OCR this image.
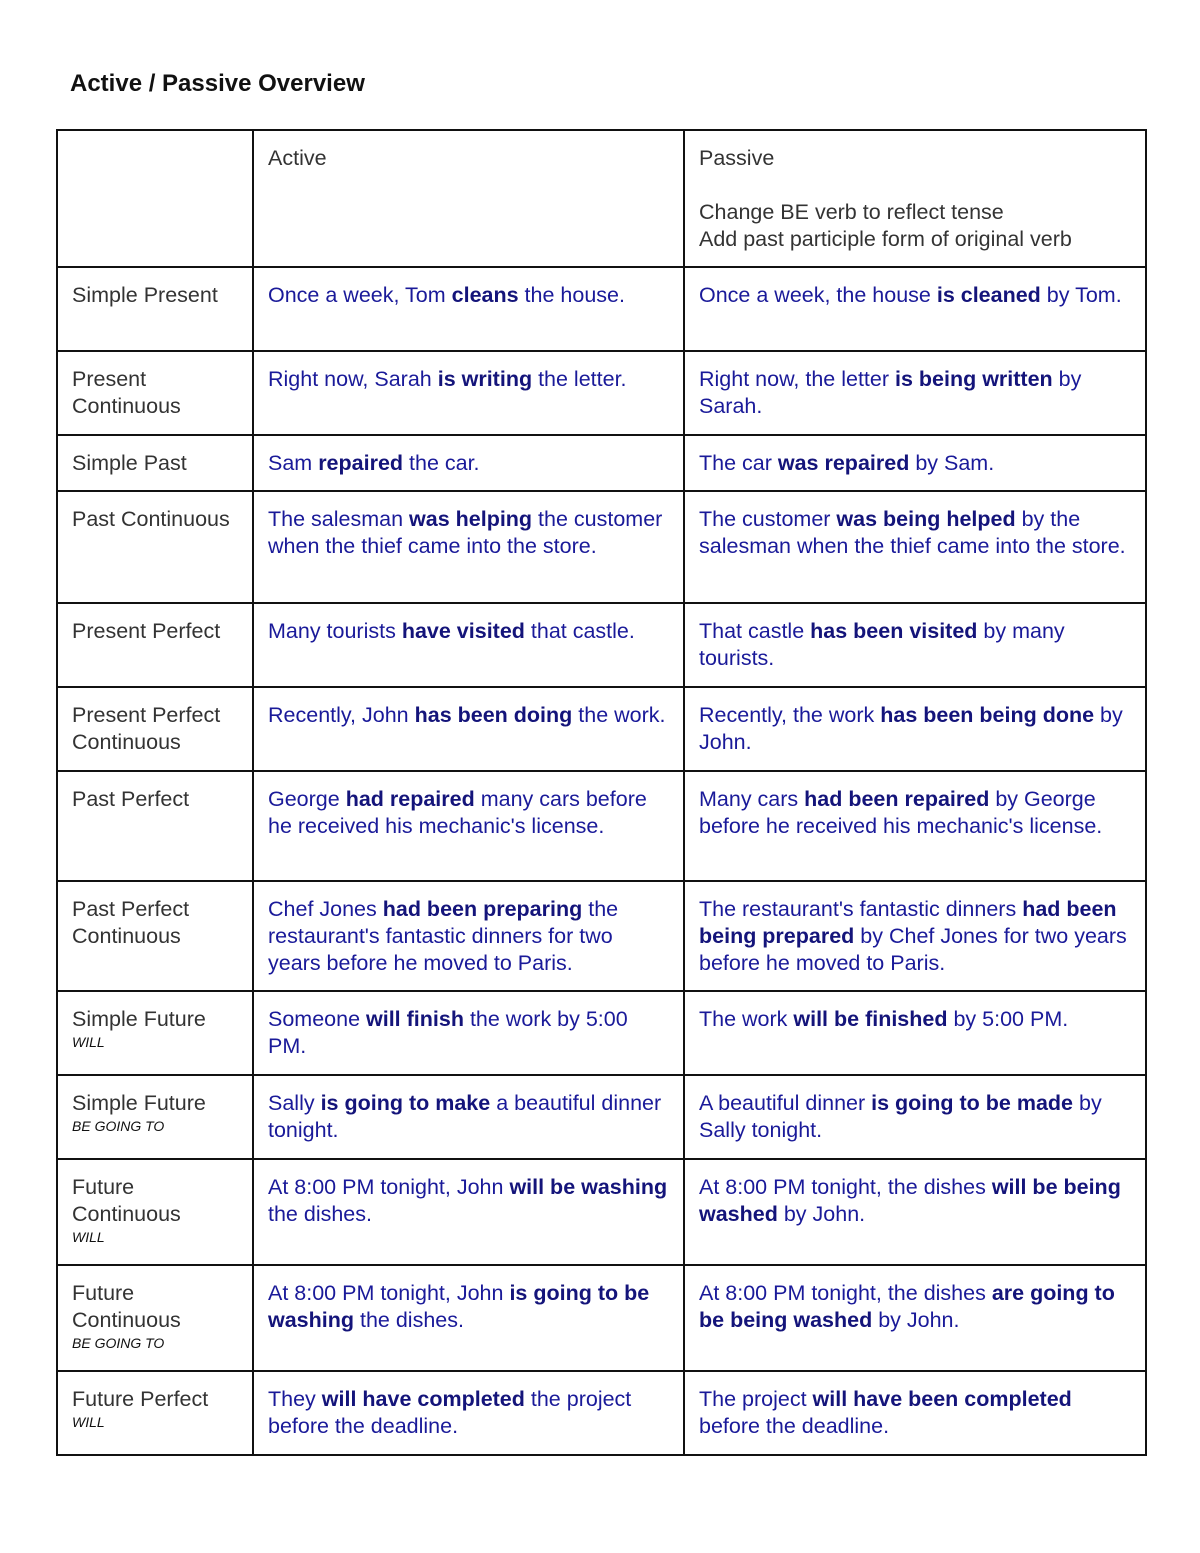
Active / Passive Overview

	Active	Passive
Change BE verb to reflect tense
Add past participle form of original verb

Simple Present	Once a week, Tom cleans the house.	Once a week, the house is cleaned by Tom.

Present Continuous	Right now, Sarah is writing the letter.	Right now, the letter is being written by Sarah.

Simple Past	Sam repaired the car.	The car was repaired by Sam.

Past Continuous	The salesman was helping the customer when the thief came into the store.	The customer was being helped by the salesman when the thief came into the store.

Present Perfect	Many tourists have visited that castle.	That castle has been visited by many tourists.

Present Perfect Continuous	Recently, John has been doing the work.	Recently, the work has been being done by John.

Past Perfect	George had repaired many cars before he received his mechanic's license.	Many cars had been repaired by George before he received his mechanic's license.

Past Perfect Continuous	Chef Jones had been preparing the restaurant's fantastic dinners for two years before he moved to Paris.	The restaurant's fantastic dinners had been being prepared by Chef Jones for two years before he moved to Paris.

Simple Future
WILL	Someone will finish the work by 5:00 PM.	The work will be finished by 5:00 PM.

Simple Future
BE GOING TO	Sally is going to make a beautiful dinner tonight.	A beautiful dinner is going to be made by Sally tonight.

Future Continuous
WILL	At 8:00 PM tonight, John will be washing the dishes.	At 8:00 PM tonight, the dishes will be being washed by John.

Future Continuous
BE GOING TO	At 8:00 PM tonight, John is going to be washing the dishes.	At 8:00 PM tonight, the dishes are going to be being washed by John.

Future Perfect
WILL	They will have completed the project before the deadline.	The project will have been completed before the deadline.
